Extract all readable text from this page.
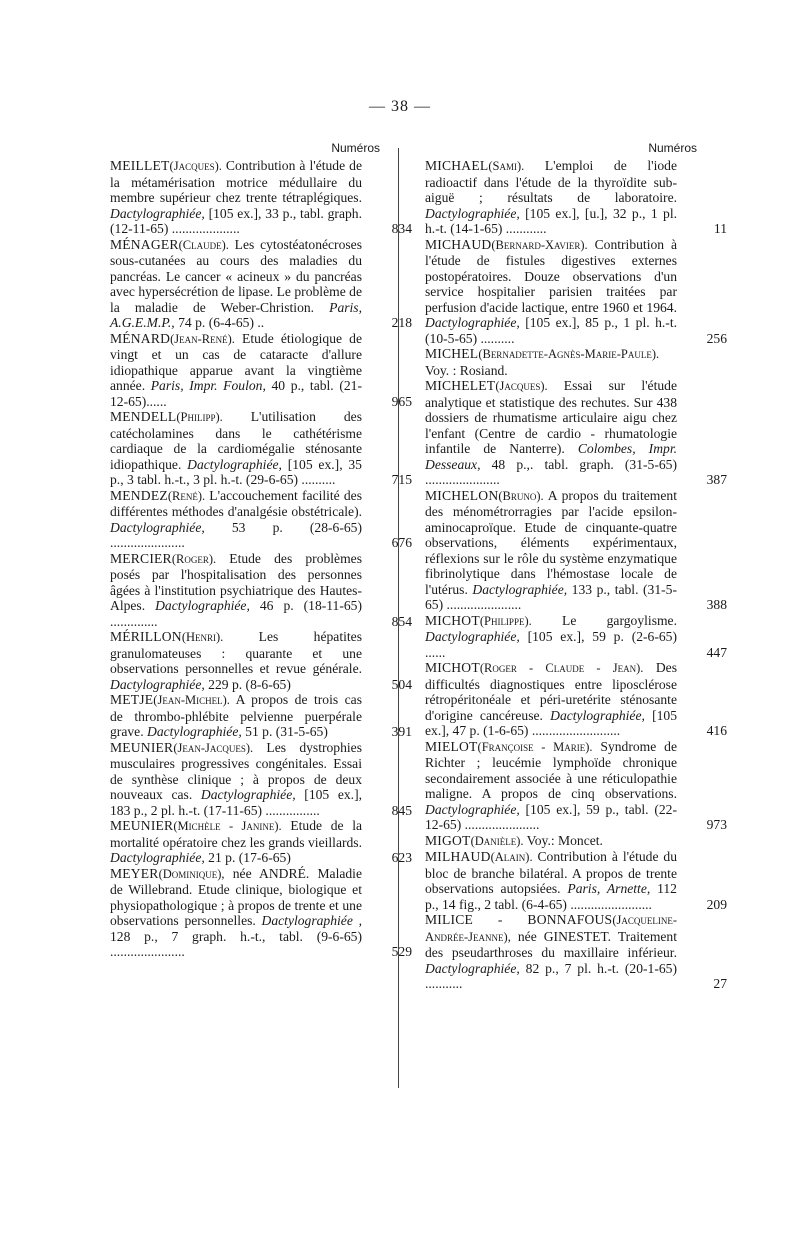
— 38 —
Numéros

MEILLET(Jacques). Contribution à l'étude de la métamérisation motrice médullaire du membre supérieur chez trente tétraplégiques. Dactylographiée, [105 ex.], 33 p., tabl. graph. (12-11-65) ....................	834

MÉNAGER(Claude). Les cytostéatonécroses sous-cutanées au cours des maladies du pancréas. Le cancer « acineux » du pancréas avec hypersécrétion de lipase. Le problème de la maladie de Weber-Christion. Paris, A.G.E.M.P., 74 p. (6-4-65) ..	218

MÉNARD(Jean-René). Etude étiologique de vingt et un cas de cataracte d'allure idiopathique apparue avant la vingtième année. Paris, Impr. Foulon, 40 p., tabl. (21-12-65)......	965

MENDELL(Philipp). L'utilisation des catécholamines dans le cathétérisme cardiaque de la cardiomégalie sténosante idiopathique. Dactylographiée, [105 ex.], 35 p., 3 tabl. h.-t., 3 pl. h.-t. (29-6-65) ..........	715

MENDEZ(René). L'accouchement facilité des différentes méthodes d'analgésie obstétricale). Dactylographiée, 53 p. (28-6-65) ......................	676

MERCIER(Roger). Etude des problèmes posés par l'hospitalisation des personnes âgées à l'institution psychiatrique des Hautes-Alpes. Dactylographiée, 46 p. (18-11-65) ..............	854

MÉRILLON(Henri). Les hépatites granulomateuses : quarante et une observations personnelles et revue générale. Dactylographiée, 229 p. (8-6-65)	504

METJE(Jean-Michel). A propos de trois cas de thrombo-phlébite pelvienne puerpérale grave. Dactylographiée, 51 p. (31-5-65)	391

MEUNIER(Jean-Jacques). Les dystrophies musculaires progressives congénitales. Essai de synthèse clinique ; à propos de deux nouveaux cas. Dactylographiée, [105 ex.], 183 p., 2 pl. h.-t. (17-11-65) ................	845

MEUNIER(Michèle - Janine). Etude de la mortalité opératoire chez les grands vieillards. Dactylographiée, 21 p. (17-6-65)	623

MEYER(Dominique), née ANDRÉ. Maladie de Willebrand. Etude clinique, biologique et physiopathologique ; à propos de trente et une observations personnelles. Dactylographiée , 128 p., 7 graph. h.-t., tabl. (9-6-65) ......................	529

Numéros

MICHAEL(Sami). L'emploi de l'iode radioactif dans l'étude de la thyroïdite sub-aiguë ; résultats de laboratoire. Dactylographiée, [105 ex.], [u.], 32 p., 1 pl. h.-t. (14-1-65) ............	11

MICHAUD(Bernard-Xavier). Contribution à l'étude de fistules digestives externes postopératoires. Douze observations d'un service hospitalier parisien traitées par perfusion d'acide lactique, entre 1960 et 1964. Dactylographiée, [105 ex.], 85 p., 1 pl. h.-t. (10-5-65) ..........	256

MICHEL(Bernadette-Agnès-Marie-Paule). Voy. : Rosiand.

MICHELET(Jacques). Essai sur l'étude analytique et statistique des rechutes. Sur 438 dossiers de rhumatisme articulaire aigu chez l'enfant (Centre de cardio - rhumatologie infantile de Nanterre). Colombes, Impr. Desseaux, 48 p.,. tabl. graph. (31-5-65) ......................	387

MICHELON(Bruno). A propos du traitement des ménométrorragies par l'acide epsilon-aminocaproïque. Etude de cinquante-quatre observations, éléments expérimentaux, réflexions sur le rôle du système enzymatique fibrinolytique dans l'hémostase locale de l'utérus. Dactylographiée, 133 p., tabl. (31-5-65) ......................	388

MICHOT(Philippe). Le gargoylisme. Dactylographiée, [105 ex.], 59 p. (2-6-65) ......	447

MICHOT(Roger - Claude - Jean). Des difficultés diagnostiques entre liposclérose rétropéritonéale et péri-uretérite sténosante d'origine cancéreuse. Dactylographiée, [105 ex.], 47 p. (1-6-65) ..........................	416

MIELOT(Françoise - Marie). Syndrome de Richter ; leucémie lymphoïde chronique secondairement associée à une réticulopathie maligne. A propos de cinq observations. Dactylographiée, [105 ex.], 59 p., tabl. (22-12-65) ......................	973

MIGOT(Danièle). Voy.: Moncet.

MILHAUD(Alain). Contribution à l'étude du bloc de branche bilatéral. A propos de trente observations autopsiées. Paris, Arnette, 112 p., 14 fig., 2 tabl. (6-4-65) ........................	209

MILICE - BONNAFOUS(Jacqueline-Andrée-Jeanne), née GINESTET. Traitement des pseudarthroses du maxillaire inférieur. Dactylographiée, 82 p., 7 pl. h.-t. (20-1-65) ...........	27
